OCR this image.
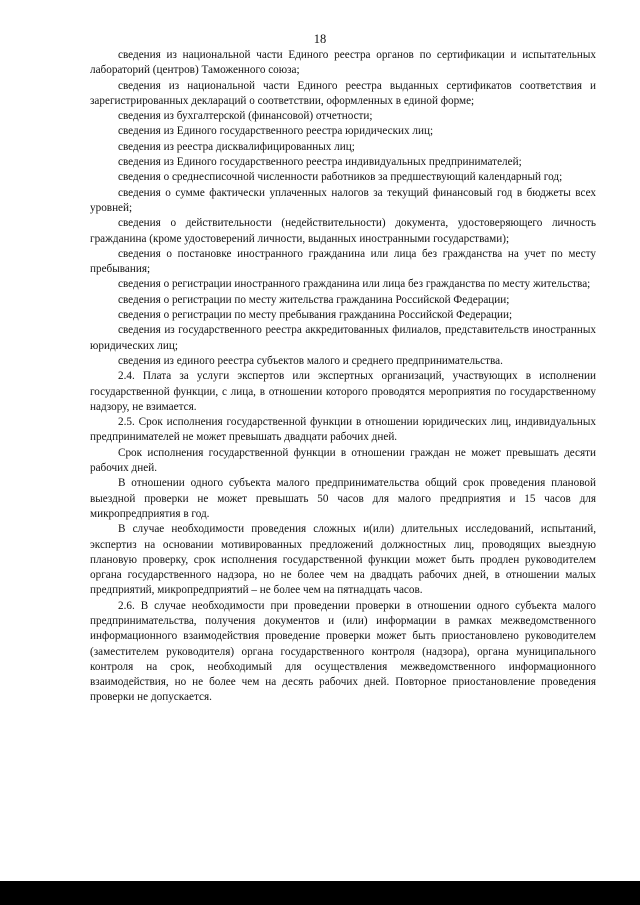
18

сведения из национальной части Единого реестра органов по сертификации и испытательных лабораторий (центров) Таможенного союза;

сведения из национальной части Единого реестра выданных сертификатов соответствия и зарегистрированных деклараций о соответствии, оформленных в единой форме;

сведения из бухгалтерской (финансовой) отчетности;

сведения из Единого государственного реестра юридических лиц;

сведения из реестра дисквалифицированных лиц;

сведения из Единого государственного реестра индивидуальных предпринимателей;

сведения о среднесписочной численности работников за предшествующий календарный год;

сведения о сумме фактически уплаченных налогов за текущий финансовый год в бюджеты всех уровней;

сведения о действительности (недействительности) документа, удостоверяющего личность гражданина (кроме удостоверений личности, выданных иностранными государствами);

сведения о постановке иностранного гражданина или лица без гражданства на учет по месту пребывания;

сведения о регистрации иностранного гражданина или лица без гражданства по месту жительства;

сведения о регистрации по месту жительства гражданина Российской Федерации;

сведения о регистрации по месту пребывания гражданина Российской Федерации;

сведения из государственного реестра аккредитованных филиалов, представительств иностранных юридических лиц;

сведения из единого реестра субъектов малого и среднего предпринимательства.

2.4. Плата за услуги экспертов или экспертных организаций, участвующих в исполнении государственной функции, с лица, в отношении которого проводятся мероприятия по государственному надзору, не взимается.

2.5. Срок исполнения государственной функции в отношении юридических лиц, индивидуальных предпринимателей не может превышать двадцати рабочих дней.

Срок исполнения государственной функции в отношении граждан не может превышать десяти рабочих дней.

В отношении одного субъекта малого предпринимательства общий срок проведения плановой выездной проверки не может превышать 50 часов для малого предприятия и 15 часов для микропредприятия в год.

В случае необходимости проведения сложных и(или) длительных исследований, испытаний, экспертиз на основании мотивированных предложений должностных лиц, проводящих выездную плановую проверку, срок исполнения государственной функции может быть продлен руководителем органа государственного надзора, но не более чем на двадцать рабочих дней, в отношении малых предприятий, микропредприятий – не более чем на пятнадцать часов.

2.6. В случае необходимости при проведении проверки в отношении одного субъекта малого предпринимательства, получения документов и (или) информации в рамках межведомственного информационного взаимодействия проведение проверки может быть приостановлено руководителем (заместителем руководителя) органа государственного контроля (надзора), органа муниципального контроля на срок, необходимый для осуществления межведомственного информационного взаимодействия, но не более чем на десять рабочих дней. Повторное приостановление проведения проверки не допускается.
